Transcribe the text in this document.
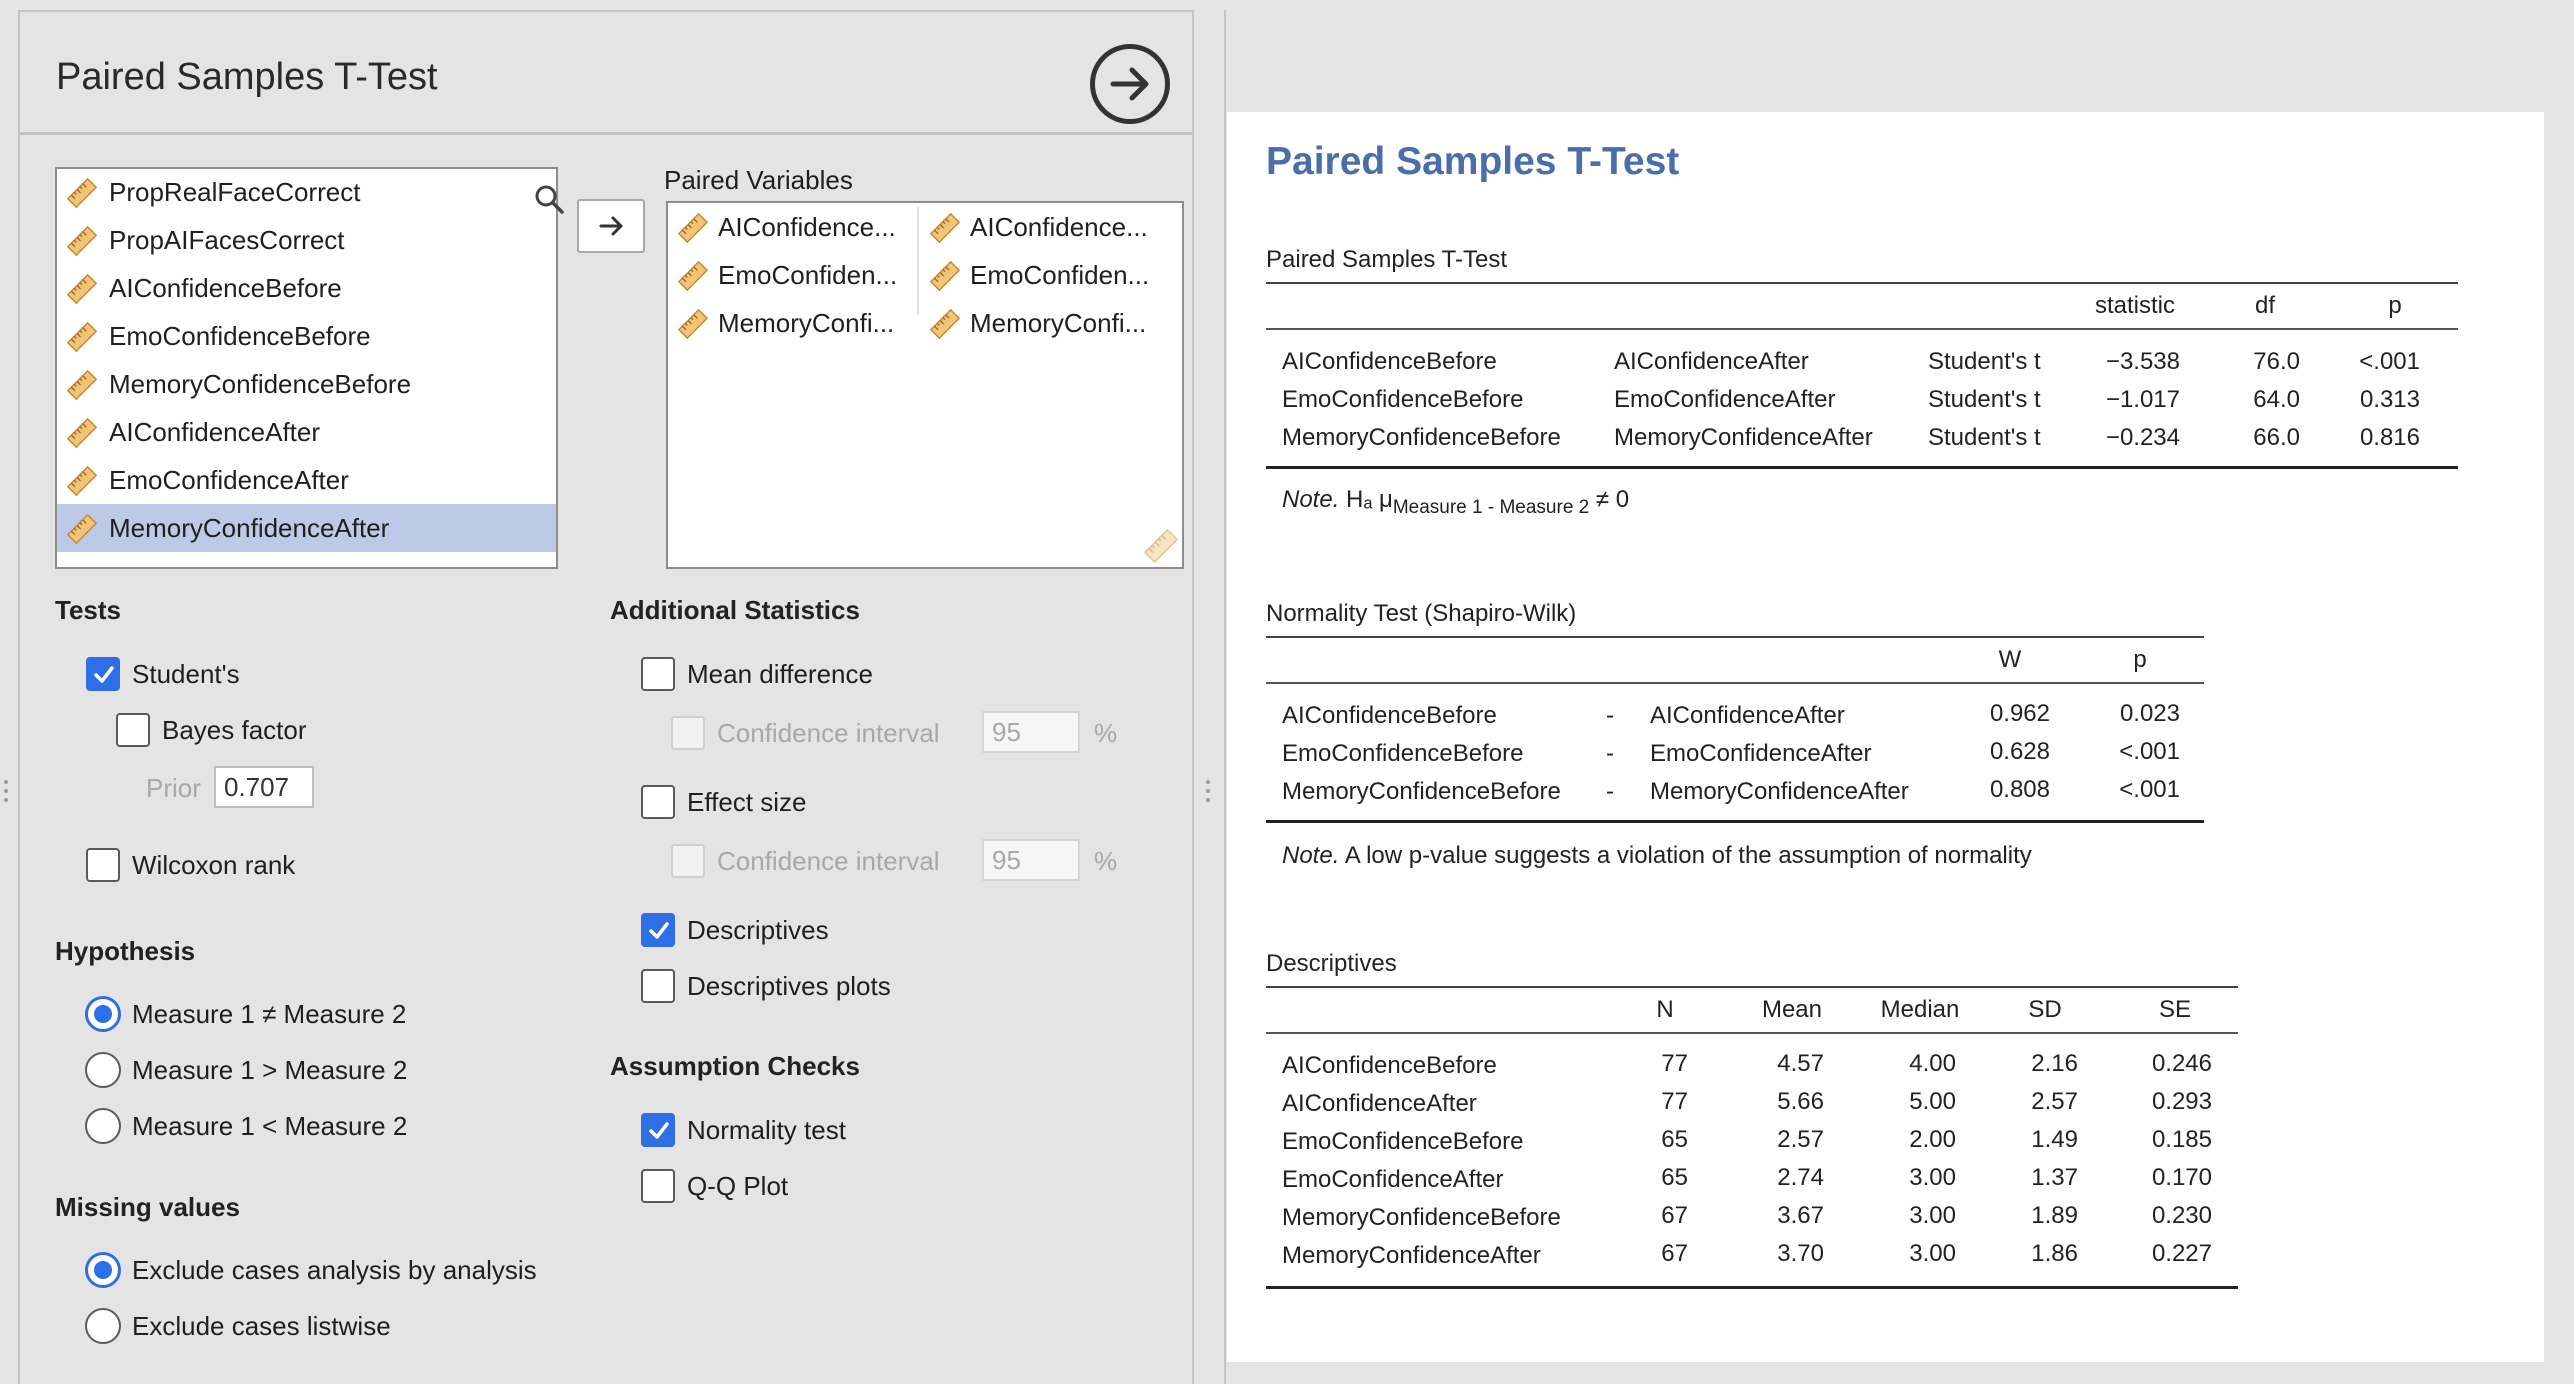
Paired Samples T-Test
PropRealFaceCorrect
PropAIFacesCorrect
AIConfidenceBefore
EmoConfidenceBefore
MemoryConfidenceBefore
AIConfidenceAfter
EmoConfidenceAfter
MemoryConfidenceAfter
Paired Variables
AIConfidence...	AIConfidence...
EmoConfiden...	EmoConfiden...
MemoryConfi...	MemoryConfi...
Tests
Student's
Bayes factor
Prior 0.707
Wilcoxon rank
Hypothesis
Measure 1 ≠ Measure 2
Measure 1 > Measure 2
Measure 1 < Measure 2
Missing values
Exclude cases analysis by analysis
Exclude cases listwise
Additional Statistics
Mean difference
Confidence interval	95	%
Effect size
Confidence interval	95	%
Descriptives
Descriptives plots
Assumption Checks
Normality test
Q-Q Plot
Paired Samples T-Test
Paired Samples T-Test
statistic	df	p
AIConfidenceBefore	AIConfidenceAfter	Student's t	−3.538	76.0	<.001
EmoConfidenceBefore	EmoConfidenceAfter	Student's t	−1.017	64.0	0.313
MemoryConfidenceBefore MemoryConfidenceAfter Student's t	−0.234	66.0	0.816
Note. Hₐ $\mu_{Measure 1 - Measure 2} \ne 0$
Normality Test (Shapiro-Wilk)
W	p
AIConfidenceBefore	- AIConfidenceAfter	0.962	0.023
EmoConfidenceBefore	- EmoConfidenceAfter	0.628	<.001
MemoryConfidenceBefore - MemoryConfidenceAfter	0.808	<.001
Note. A low p-value suggests a violation of the assumption of normality
Descriptives
N	Mean	Median	SD	SE
AIConfidenceBefore	77	4.57	4.00	2.16	0.246
AIConfidenceAfter	77	5.66	5.00	2.57	0.293
EmoConfidenceBefore	65	2.57	2.00	1.49	0.185
EmoConfidenceAfter	65	2.74	3.00	1.37	0.170
MemoryConfidenceBefore	67	3.67	3.00	1.89	0.230
MemoryConfidenceAfter	67	3.70	3.00	1.86	0.227
